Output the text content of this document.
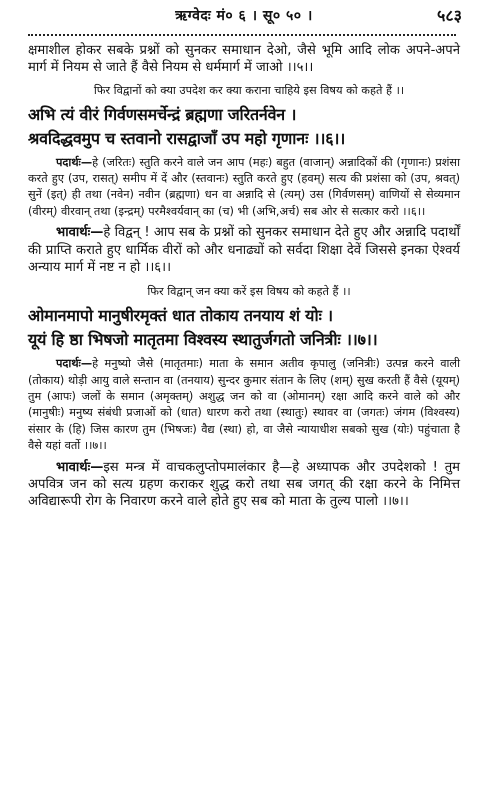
ऋग्वेदः मं० ६ । सू० ५० ।	५८३

क्षमाशील होकर सबके प्रश्नों को सुनकर समाधान देओ, जैसे भूमि आदि लोक अपने-अपने मार्ग में नियम से जाते हैं वैसे नियम से धर्ममार्ग में जाओ ।।५।।

फिर विद्वानों को क्या उपदेश कर क्या कराना चाहिये इस विषय को कहते हैं ।।

अभि त्यं वीरं गिर्वणसमर्चेन्द्रं ब्रह्मणा जरितर्नवेन ।

श्रवदिद्धवमुप च स्तवानो रासद्वाजाँ उप महो गृणानः ।।६।।

पदार्थः—हे (जरितः) स्तुति करने वाले जन आप (महः) बहुत (वाजान्) अन्नादिकों की (गृणानः) प्रशंसा करते हुए (उप, रासत्) समीप में दें और (स्तवानः) स्तुति करते हुए (हवम्) सत्य की प्रशंसा को (उप, श्रवत्) सुनें (इत्) ही तथा (नवेन) नवीन (ब्रह्मणा) धन वा अन्नादि से (त्यम्) उस (गिर्वणसम्) वाणियों से सेव्यमान (वीरम्) वीरवान् तथा (इन्द्रम्) परमैश्वर्यवान् का (च) भी (अभि,अर्च) सब ओर से सत्कार करो ।।६।।

भावार्थः—हे विद्वन् ! आप सब के प्रश्नों को सुनकर समाधान देते हुए और अन्नादि पदार्थों की प्राप्ति कराते हुए धार्मिक वीरों को और धनाढ्यों को सर्वदा शिक्षा देवें जिससे इनका ऐश्वर्य अन्याय मार्ग में नष्ट न हो ।।६।।

फिर विद्वान् जन क्या करें इस विषय को कहते हैं ।।

ओमानमापो मानुषीरमृक्तं धात तोकाय तनयाय शं योः ।

यूयं हि ष्ठा भिषजो मातृतमा विश्वस्य स्थातुर्जगतो जनित्रीः ।।७।।

पदार्थः—हे मनुष्यो जैसे (मातृतमाः) माता के समान अतीव कृपालु (जनित्रीः) उत्पन्न करने वाली (तोकाय) थोड़ी आयु वाले सन्तान वा (तनयाय) सुन्दर कुमार संतान के लिए (शम्) सुख करती हैं वैसे (यूयम्) तुम (आपः) जलों के समान (अमृक्तम्) अशुद्ध जन को वा (ओमानम्) रक्षा आदि करने वाले को और (मानुषीः) मनुष्य संबंधी प्रजाओं को (धात) धारण करो तथा (स्थातुः) स्थावर वा (जगतः) जंगम (विश्वस्य) संसार के (हि) जिस कारण तुम (भिषजः) वैद्य (स्था) हो, वा जैसे न्यायाधीश सबको सुख (योः) पहुंचाता है वैसे यहां वर्तो ।।७।।

भावार्थः—इस मन्त्र में वाचकलुप्तोपमालंकार है—हे अध्यापक और उपदेशको ! तुम अपवित्र जन को सत्य ग्रहण कराकर शुद्ध करो तथा सब जगत् की रक्षा करने के निमित्त अविद्यारूपी रोग के निवारण करने वाले होते हुए सब को माता के तुल्य पालो ।।७।।
